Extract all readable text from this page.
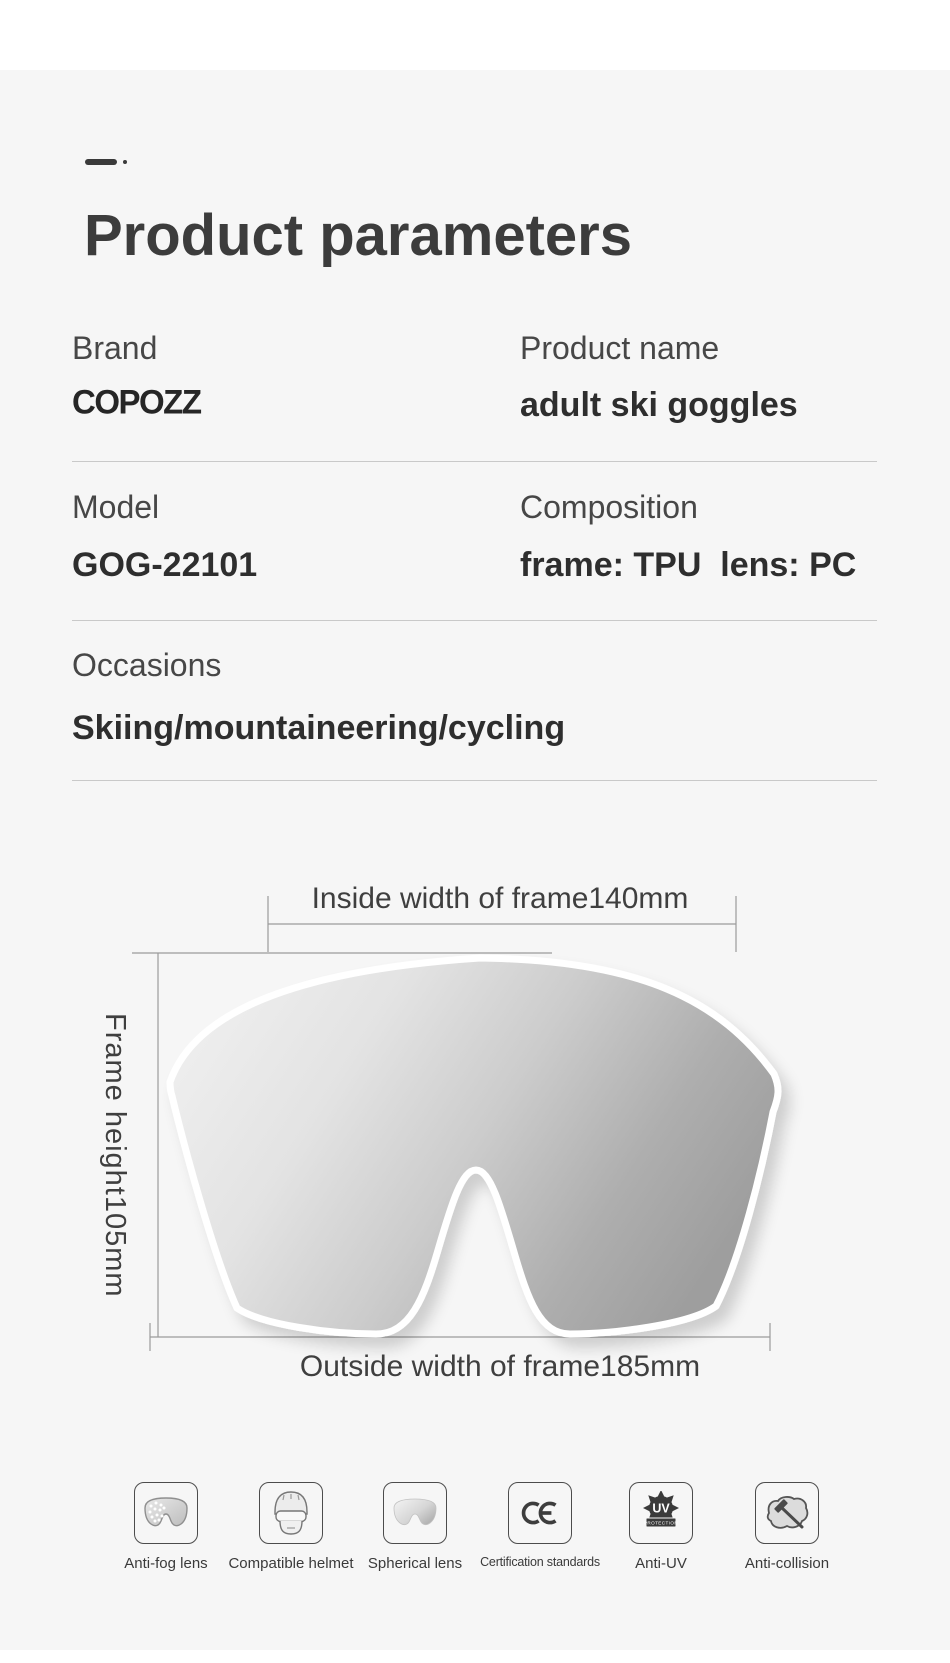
Product parameters
Brand
COPOZZ
Product name
adult ski goggles
Model
GOG-22101
Composition
frame: TPU  lens: PC
Occasions
Skiing/mountaineering/cycling
Inside width of frame140mm
Frame height105mm
Outside width of frame185mm
Anti-fog lens	Compatible helmet Spherical lens	Certification standards
UV
PROTECTION
Anti-UV	Anti-collision
